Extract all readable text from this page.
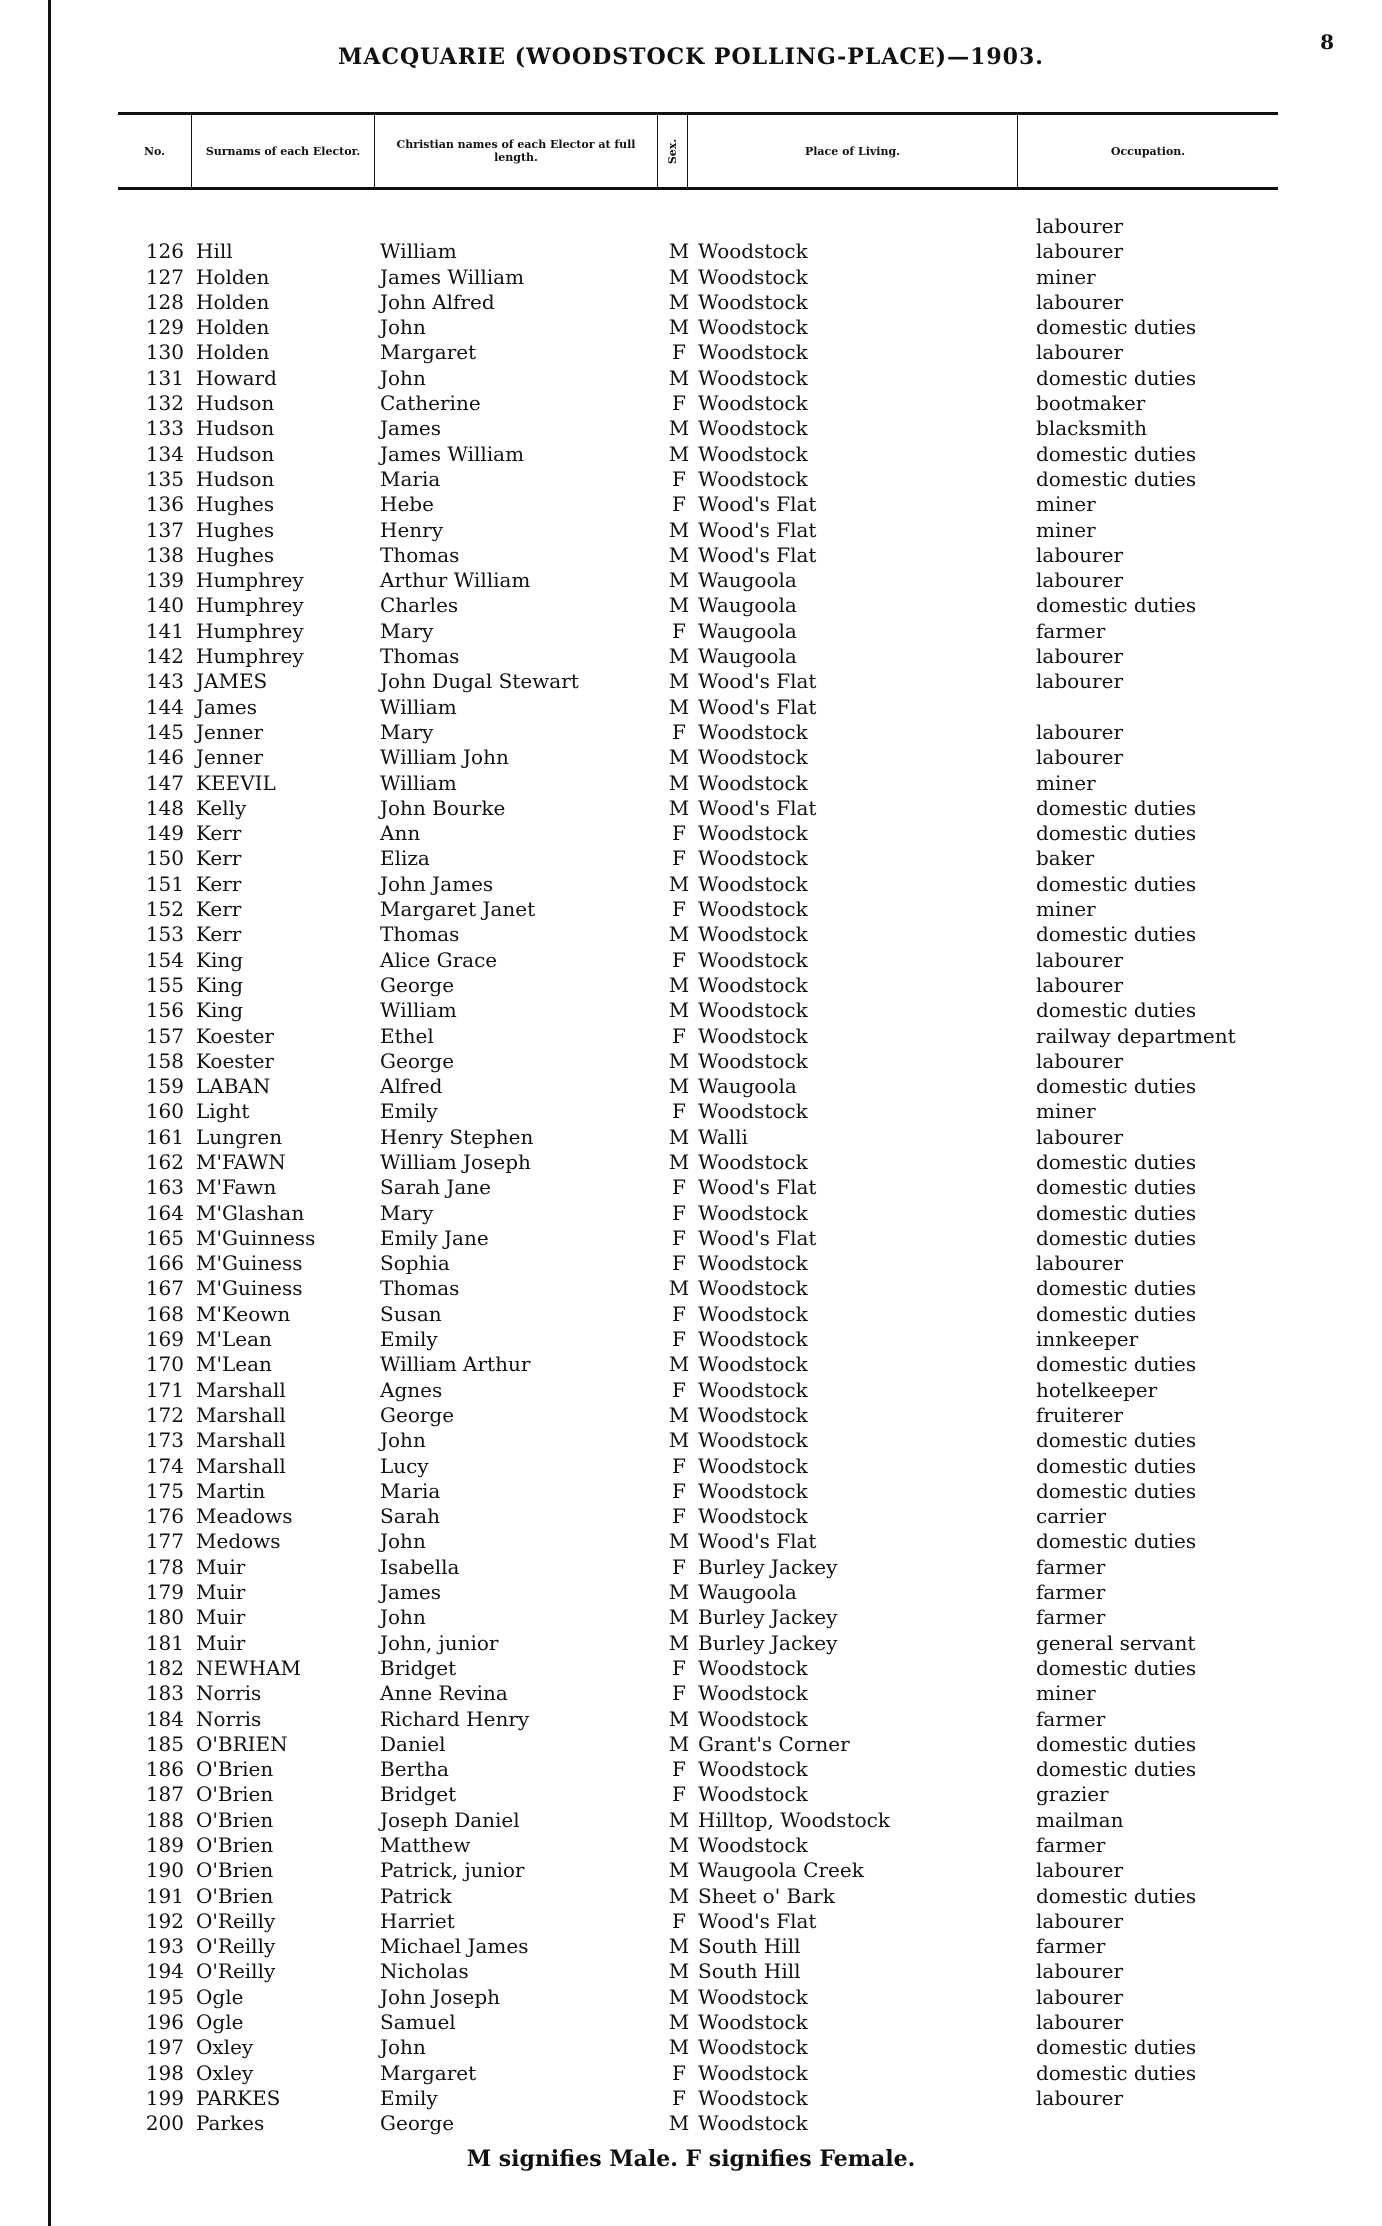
MACQUARIE (WOODSTOCK POLLING-PLACE)—1903.
8
No.	Surnams of each Elector.	Christian names of each Elector at full length.	Sex.	Place of Living.	Occupation.
labourer
126 Hill	William	M Woodstock	labourer
127 Holden	James William	M Woodstock	miner
128 Holden	John Alfred	M Woodstock	labourer
129 Holden	John	M Woodstock	domestic duties
130 Holden	Margaret	F Woodstock	labourer
131 Howard	John	M Woodstock	domestic duties
132 Hudson	Catherine	F Woodstock	bootmaker
133 Hudson	James	M Woodstock	blacksmith
134 Hudson	James William	M Woodstock	domestic duties
135 Hudson	Maria	F Woodstock	domestic duties
136 Hughes	Hebe	F Wood's Flat	miner
137 Hughes	Henry	M Wood's Flat	miner
138 Hughes	Thomas	M Wood's Flat	labourer
139 Humphrey	Arthur William	M Waugoola	labourer
140 Humphrey	Charles	M Waugoola	domestic duties
141 Humphrey	Mary	F Waugoola	farmer
142 Humphrey	Thomas	M Waugoola	labourer
143 JAMES	John Dugal Stewart	M Wood's Flat	labourer
144 James	William	M Wood's Flat
145 Jenner	Mary	F Woodstock	labourer
146 Jenner	William John	M Woodstock	labourer
147 KEEVIL	William	M Woodstock	miner
148 Kelly	John Bourke	M Wood's Flat	domestic duties
149 Kerr	Ann	F Woodstock	domestic duties
150 Kerr	Eliza	F Woodstock	baker
151 Kerr	John James	M Woodstock	domestic duties
152 Kerr	Margaret Janet	F Woodstock	miner
153 Kerr	Thomas	M Woodstock	domestic duties
154 King	Alice Grace	F Woodstock	labourer
155 King	George	M Woodstock	labourer
156 King	William	M Woodstock	domestic duties
157 Koester	Ethel	F Woodstock	railway department
158 Koester	George	M Woodstock	labourer
159 LABAN	Alfred	M Waugoola	domestic duties
160 Light	Emily	F Woodstock	miner
161 Lungren	Henry Stephen	M Walli	labourer
162 M'FAWN	William Joseph	M Woodstock	domestic duties
163 M'Fawn	Sarah Jane	F Wood's Flat	domestic duties
164 M'Glashan	Mary	F Woodstock	domestic duties
165 M'Guinness	Emily Jane	F Wood's Flat	domestic duties
166 M'Guiness	Sophia	F Woodstock	labourer
167 M'Guiness	Thomas	M Woodstock	domestic duties
168 M'Keown	Susan	F Woodstock	domestic duties
169 M'Lean	Emily	F Woodstock	innkeeper
170 M'Lean	William Arthur	M Woodstock	domestic duties
171 Marshall	Agnes	F Woodstock	hotelkeeper
172 Marshall	George	M Woodstock	fruiterer
173 Marshall	John	M Woodstock	domestic duties
174 Marshall	Lucy	F Woodstock	domestic duties
175 Martin	Maria	F Woodstock	domestic duties
176 Meadows	Sarah	F Woodstock	carrier
177 Medows	John	M Wood's Flat	domestic duties
178 Muir	Isabella	F Burley Jackey	farmer
179 Muir	James	M Waugoola	farmer
180 Muir	John	M Burley Jackey	farmer
181 Muir	John, junior	M Burley Jackey	general servant
182 NEWHAM	Bridget	F Woodstock	domestic duties
183 Norris	Anne Revina	F Woodstock	miner
184 Norris	Richard Henry	M Woodstock	farmer
185 O'BRIEN	Daniel	M Grant's Corner	domestic duties
186 O'Brien	Bertha	F Woodstock	domestic duties
187 O'Brien	Bridget	F Woodstock	grazier
188 O'Brien	Joseph Daniel	M Hilltop, Woodstock	mailman
189 O'Brien	Matthew	M Woodstock	farmer
190 O'Brien	Patrick, junior	M Waugoola Creek	labourer
191 O'Brien	Patrick	M Sheet o' Bark	domestic duties
192 O'Reilly	Harriet	F Wood's Flat	labourer
193 O'Reilly	Michael James	M South Hill	farmer
194 O'Reilly	Nicholas	M South Hill	labourer
195 Ogle	John Joseph	M Woodstock	labourer
196 Ogle	Samuel	M Woodstock	labourer
197 Oxley	John	M Woodstock	domestic duties
198 Oxley	Margaret	F Woodstock	domestic duties
199 PARKES	Emily	F Woodstock	labourer
200 Parkes	George	M Woodstock
M signifies Male. F signifies Female.
